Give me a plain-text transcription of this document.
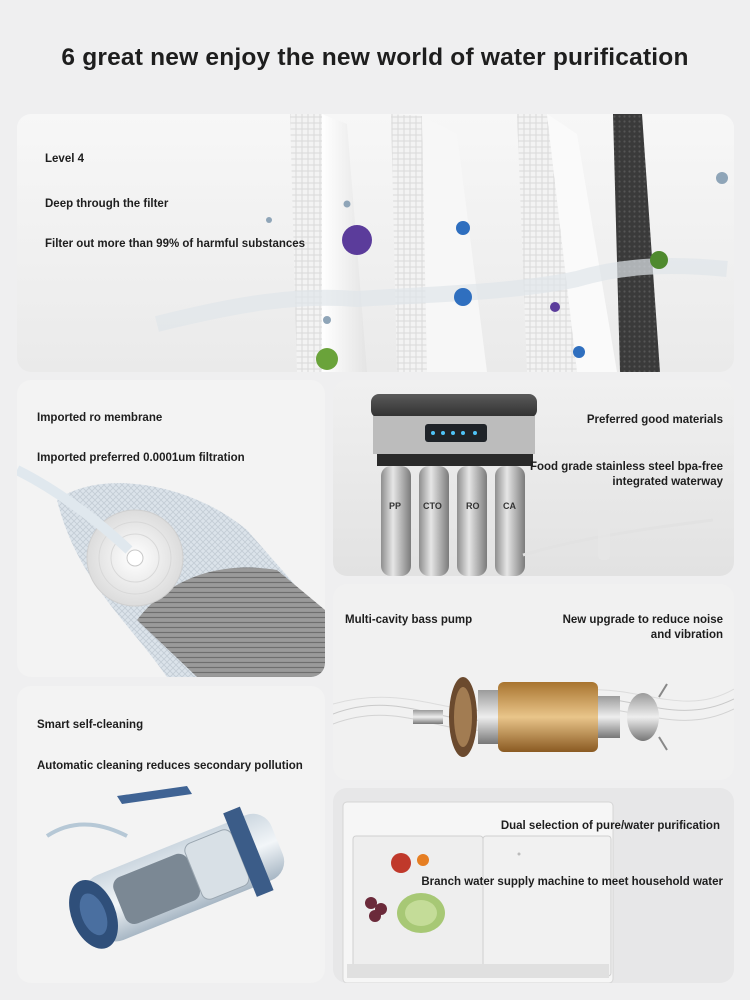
6 great new enjoy the new world of water purification
Level 4
Deep through the filter
Filter out more than 99% of harmful substances
Imported ro membrane
Imported preferred 0.0001um filtration
PP CTO	RO	CA
Preferred good materials
Food grade stainless steel bpa-free
integrated waterway
Multi-cavity bass pump	New upgrade to reduce noise
and vibration
Smart self-cleaning
Automatic cleaning reduces secondary pollution
Dual selection of pure/water purification
Branch water supply machine to meet household water
